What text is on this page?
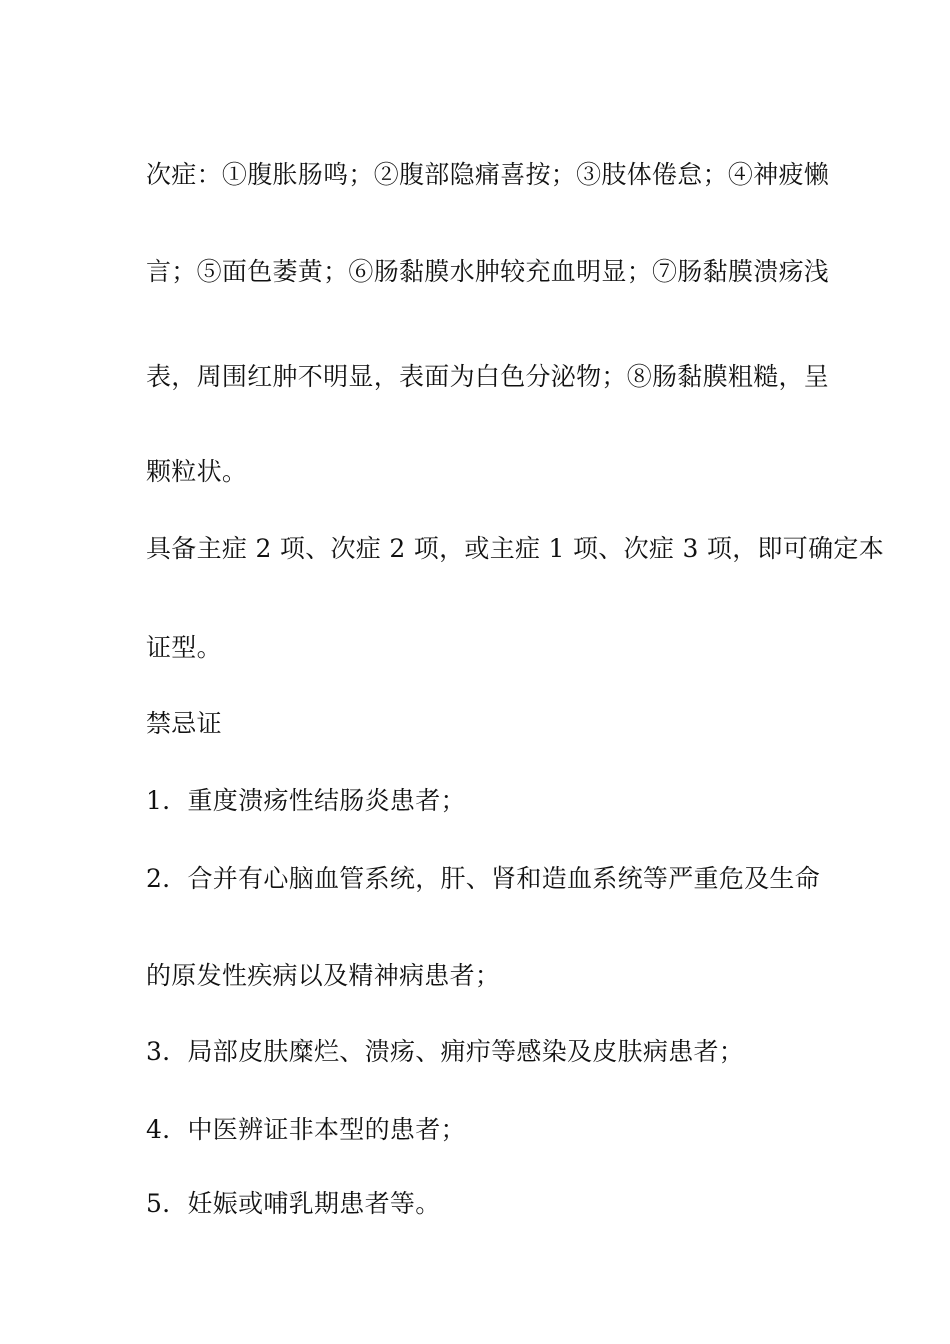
次症：①腹胀肠鸣；②腹部隐痛喜按；③肢体倦怠；④神疲懒

言；⑤面色萎黄；⑥肠黏膜水肿较充血明显；⑦肠黏膜溃疡浅

表，周围红肿不明显，表面为白色分泌物；⑧肠黏膜粗糙，呈

颗粒状。

具备主症 2 项、次症 2 项，或主症 1 项、次症 3 项，即可确定本

证型。

禁忌证

1．重度溃疡性结肠炎患者；

2．合并有心脑血管系统，肝、肾和造血系统等严重危及生命

的原发性疾病以及精神病患者；

3．局部皮肤糜烂、溃疡、痈疖等感染及皮肤病患者；

4．中医辨证非本型的患者；

5．妊娠或哺乳期患者等。
